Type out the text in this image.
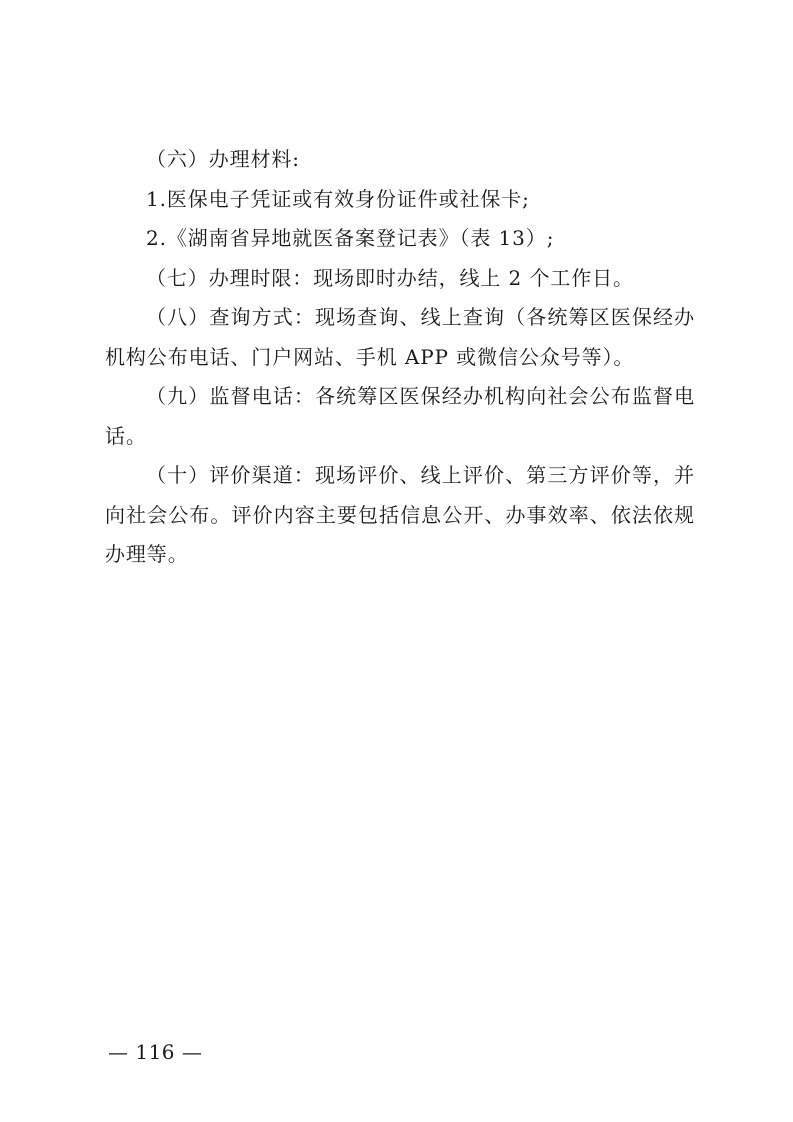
（六）办理材料:

1.医保电子凭证或有效身份证件或社保卡;

2.《湖南省异地就医备案登记表》（表 13）;

（七）办理时限：现场即时办结，线上 2 个工作日。

（八）查询方式：现场查询、线上查询（各统筹区医保经办机构公布电话、门户网站、手机 APP 或微信公众号等）。

（九）监督电话：各统筹区医保经办机构向社会公布监督电话。

（十）评价渠道：现场评价、线上评价、第三方评价等，并向社会公布。评价内容主要包括信息公开、办事效率、依法依规办理等。

— 116 —
